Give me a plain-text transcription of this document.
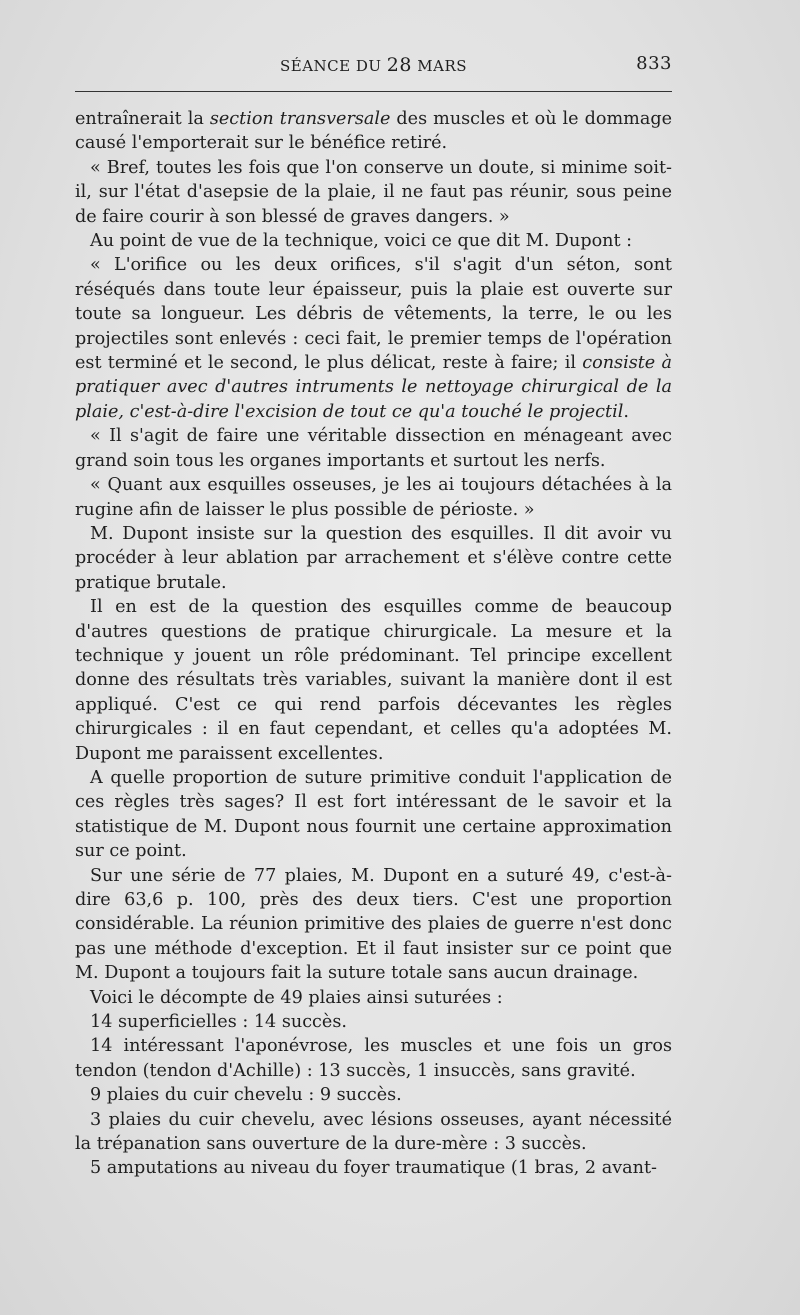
SÉANCE DU 28 MARS	833

entraînerait la section transversale des muscles et où le dommage causé l'emporterait sur le bénéfice retiré.

« Bref, toutes les fois que l'on conserve un doute, si minime soit-il, sur l'état d'asepsie de la plaie, il ne faut pas réunir, sous peine de faire courir à son blessé de graves dangers. »

Au point de vue de la technique, voici ce que dit M. Dupont :

« L'orifice ou les deux orifices, s'il s'agit d'un séton, sont réséqués dans toute leur épaisseur, puis la plaie est ouverte sur toute sa longueur. Les débris de vêtements, la terre, le ou les projectiles sont enlevés : ceci fait, le premier temps de l'opération est terminé et le second, le plus délicat, reste à faire; il consiste à pratiquer avec d'autres intruments le nettoyage chirurgical de la plaie, c'est-à-dire l'excision de tout ce qu'a touché le projectil.

« Il s'agit de faire une véritable dissection en ménageant avec grand soin tous les organes importants et surtout les nerfs.

« Quant aux esquilles osseuses, je les ai toujours détachées à la rugine afin de laisser le plus possible de périoste. »

M. Dupont insiste sur la question des esquilles. Il dit avoir vu procéder à leur ablation par arrachement et s'élève contre cette pratique brutale.

Il en est de la question des esquilles comme de beaucoup d'autres questions de pratique chirurgicale. La mesure et la technique y jouent un rôle prédominant. Tel principe excellent donne des résultats très variables, suivant la manière dont il est appliqué. C'est ce qui rend parfois décevantes les règles chirurgicales : il en faut cependant, et celles qu'a adoptées M. Dupont me paraissent excellentes.

A quelle proportion de suture primitive conduit l'application de ces règles très sages? Il est fort intéressant de le savoir et la statistique de M. Dupont nous fournit une certaine approximation sur ce point.

Sur une série de 77 plaies, M. Dupont en a suturé 49, c'est-à-dire 63,6 p. 100, près des deux tiers. C'est une proportion considérable. La réunion primitive des plaies de guerre n'est donc pas une méthode d'exception. Et il faut insister sur ce point que M. Dupont a toujours fait la suture totale sans aucun drainage.

Voici le décompte de 49 plaies ainsi suturées :

14 superficielles : 14 succès.

14 intéressant l'aponévrose, les muscles et une fois un gros tendon (tendon d'Achille) : 13 succès, 1 insuccès, sans gravité.

9 plaies du cuir chevelu : 9 succès.

3 plaies du cuir chevelu, avec lésions osseuses, ayant nécessité la trépanation sans ouverture de la dure-mère : 3 succès.

5 amputations au niveau du foyer traumatique (1 bras, 2 avant-
